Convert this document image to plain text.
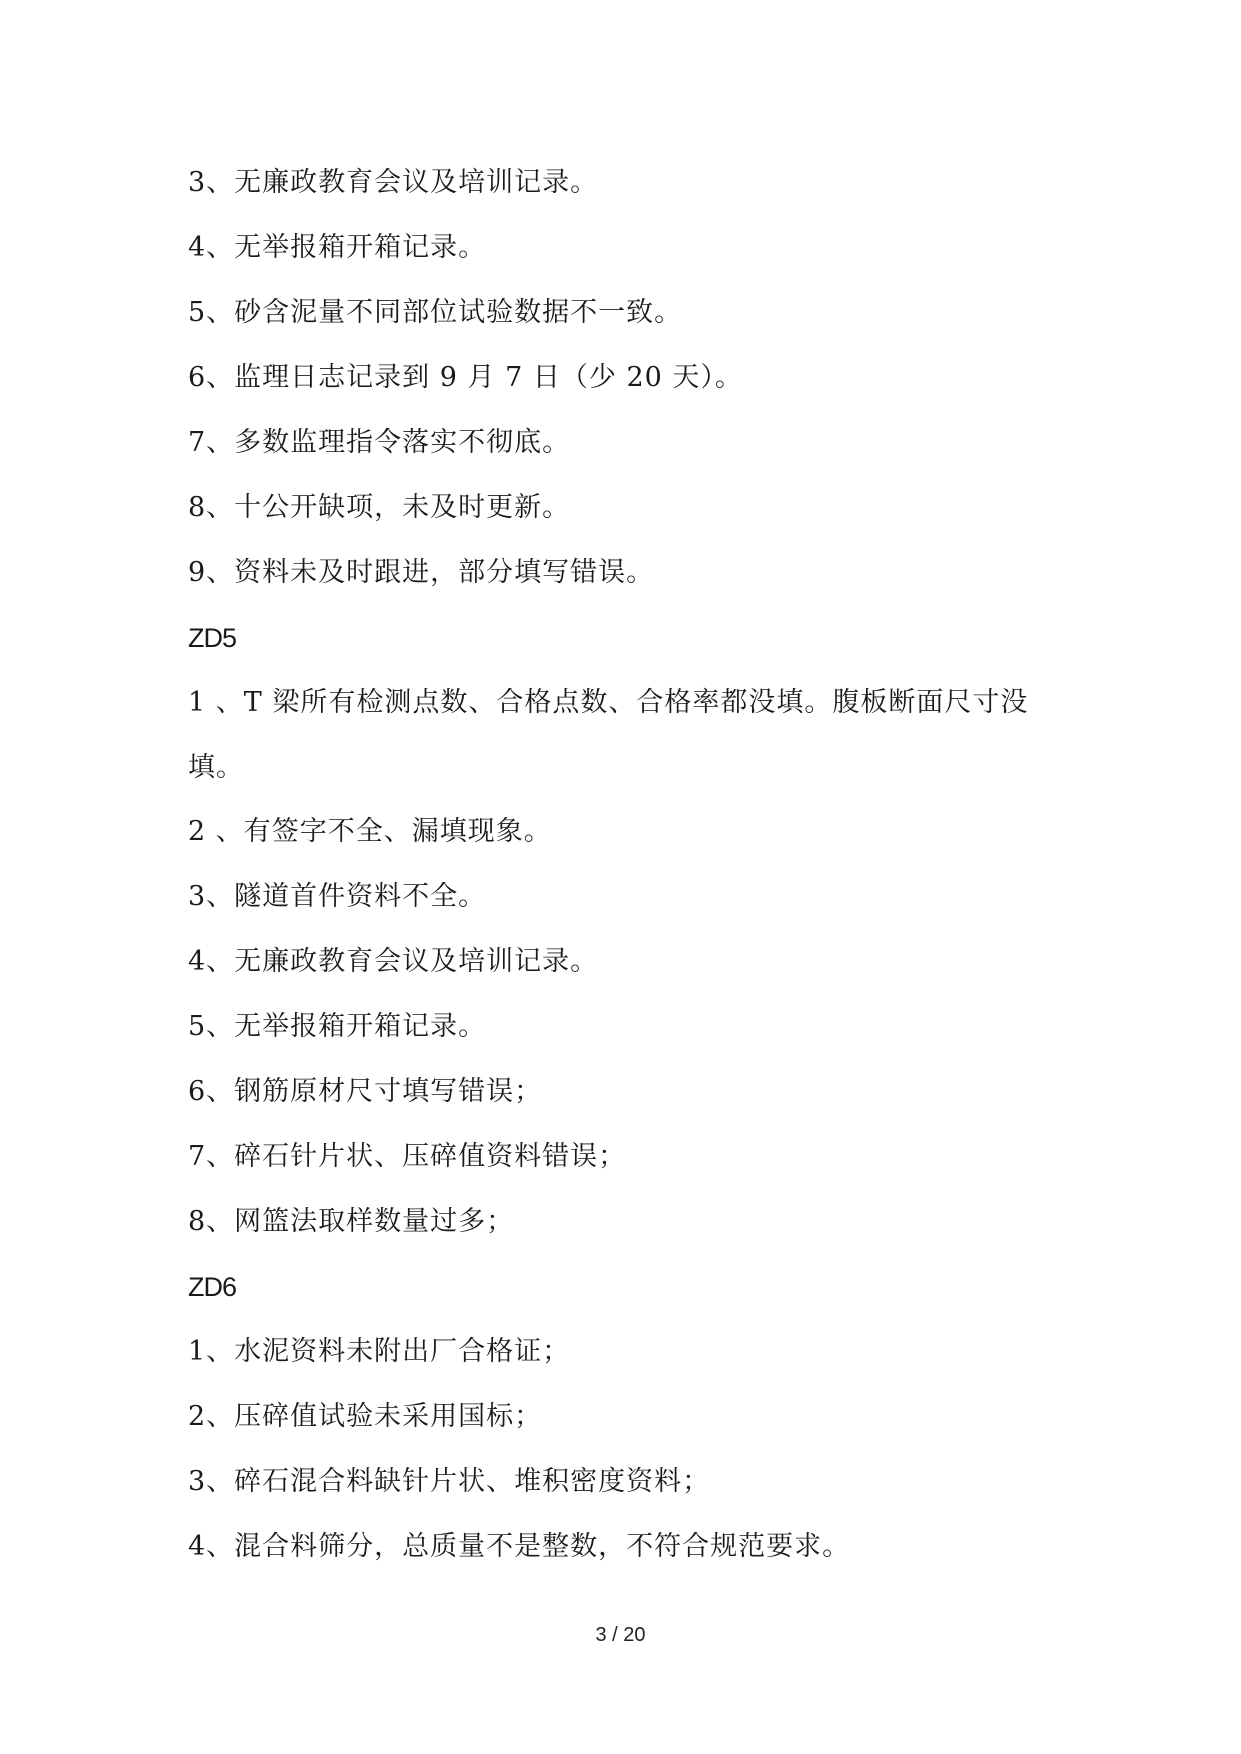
3、无廉政教育会议及培训记录。
4、无举报箱开箱记录。
5、砂含泥量不同部位试验数据不一致。
6、监理日志记录到 9 月 7 日（少 20 天）。
7、多数监理指令落实不彻底。
8、十公开缺项，未及时更新。
9、资料未及时跟进，部分填写错误。
ZD5
1 、T 梁所有检测点数、合格点数、合格率都没填。腹板断面尺寸没填。
2 、有签字不全、漏填现象。
3、隧道首件资料不全。
4、无廉政教育会议及培训记录。
5、无举报箱开箱记录。
6、钢筋原材尺寸填写错误；
7、碎石针片状、压碎值资料错误；
8、网篮法取样数量过多；
ZD6
1、水泥资料未附出厂合格证；
2、压碎值试验未采用国标；
3、碎石混合料缺针片状、堆积密度资料；
4、混合料筛分，总质量不是整数，不符合规范要求。
3 / 20
